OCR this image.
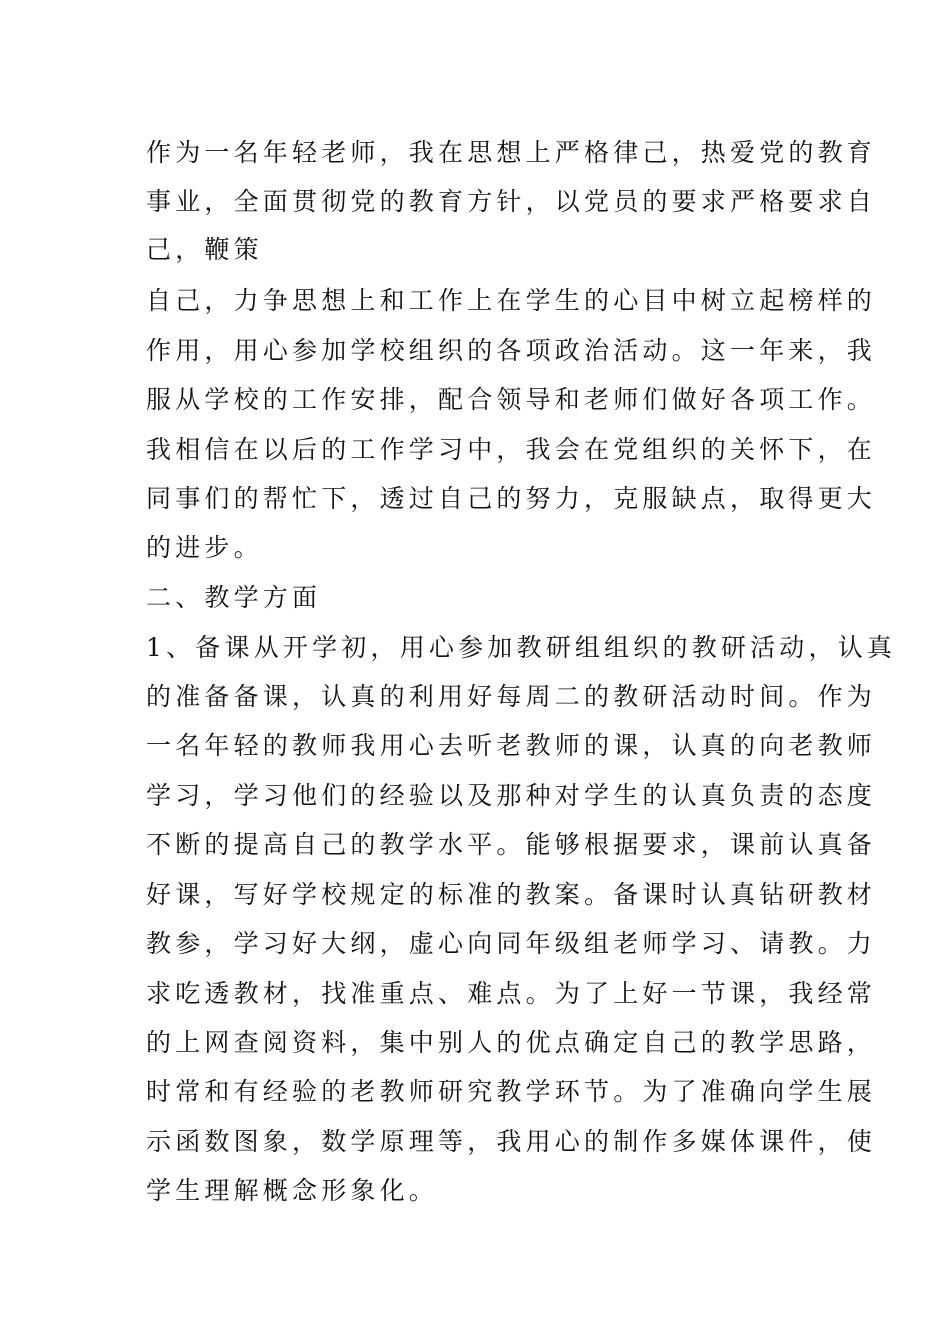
作为一名年轻老师，我在思想上严格律己，热爱党的教育
事业，全面贯彻党的教育方针，以党员的要求严格要求自
己，鞭策
自己，力争思想上和工作上在学生的心目中树立起榜样的
作用，用心参加学校组织的各项政治活动。这一年来，我
服从学校的工作安排，配合领导和老师们做好各项工作。
我相信在以后的工作学习中，我会在党组织的关怀下，在
同事们的帮忙下，透过自己的努力，克服缺点，取得更大
的进步。
二、教学方面
1、备课从开学初，用心参加教研组组织的教研活动，认真
的准备备课，认真的利用好每周二的教研活动时间。作为
一名年轻的教师我用心去听老教师的课，认真的向老教师
学习，学习他们的经验以及那种对学生的认真负责的态度
不断的提高自己的教学水平。能够根据要求，课前认真备
好课，写好学校规定的标准的教案。备课时认真钻研教材
教参，学习好大纲，虚心向同年级组老师学习、请教。力
求吃透教材，找准重点、难点。为了上好一节课，我经常
的上网查阅资料，集中别人的优点确定自己的教学思路，
时常和有经验的老教师研究教学环节。为了准确向学生展
示函数图象，数学原理等，我用心的制作多媒体课件，使
学生理解概念形象化。
